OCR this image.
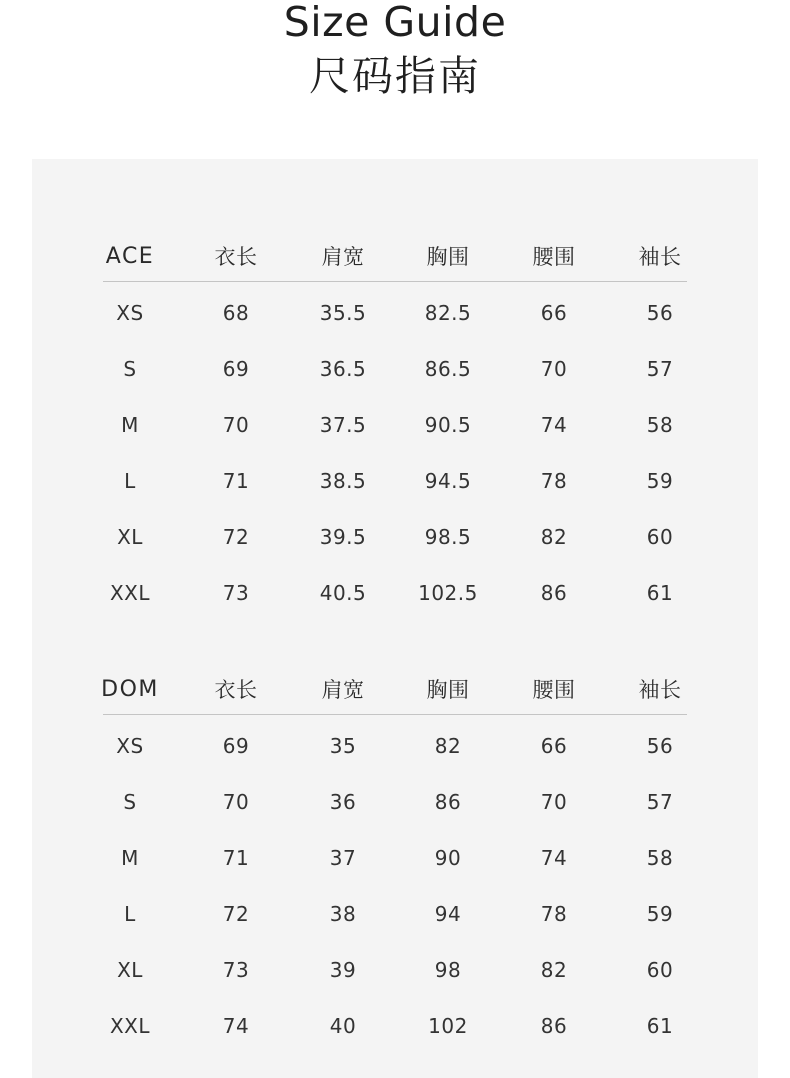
Size Guide
尺码指南
ACE	衣长	肩宽	胸围	腰围	袖长
XS	68	35.5	82.5	66	56
S	69	36.5	86.5	70	57
M	70	37.5	90.5	74	58
L	71	38.5	94.5	78	59
XL	72	39.5	98.5	82	60
XXL	73	40.5	102.5	86	61
DOM	衣长	肩宽	胸围	腰围	袖长
XS	69	35	82	66	56
S	70	36	86	70	57
M	71	37	90	74	58
L	72	38	94	78	59
XL	73	39	98	82	60
XXL	74	40	102	86	61
